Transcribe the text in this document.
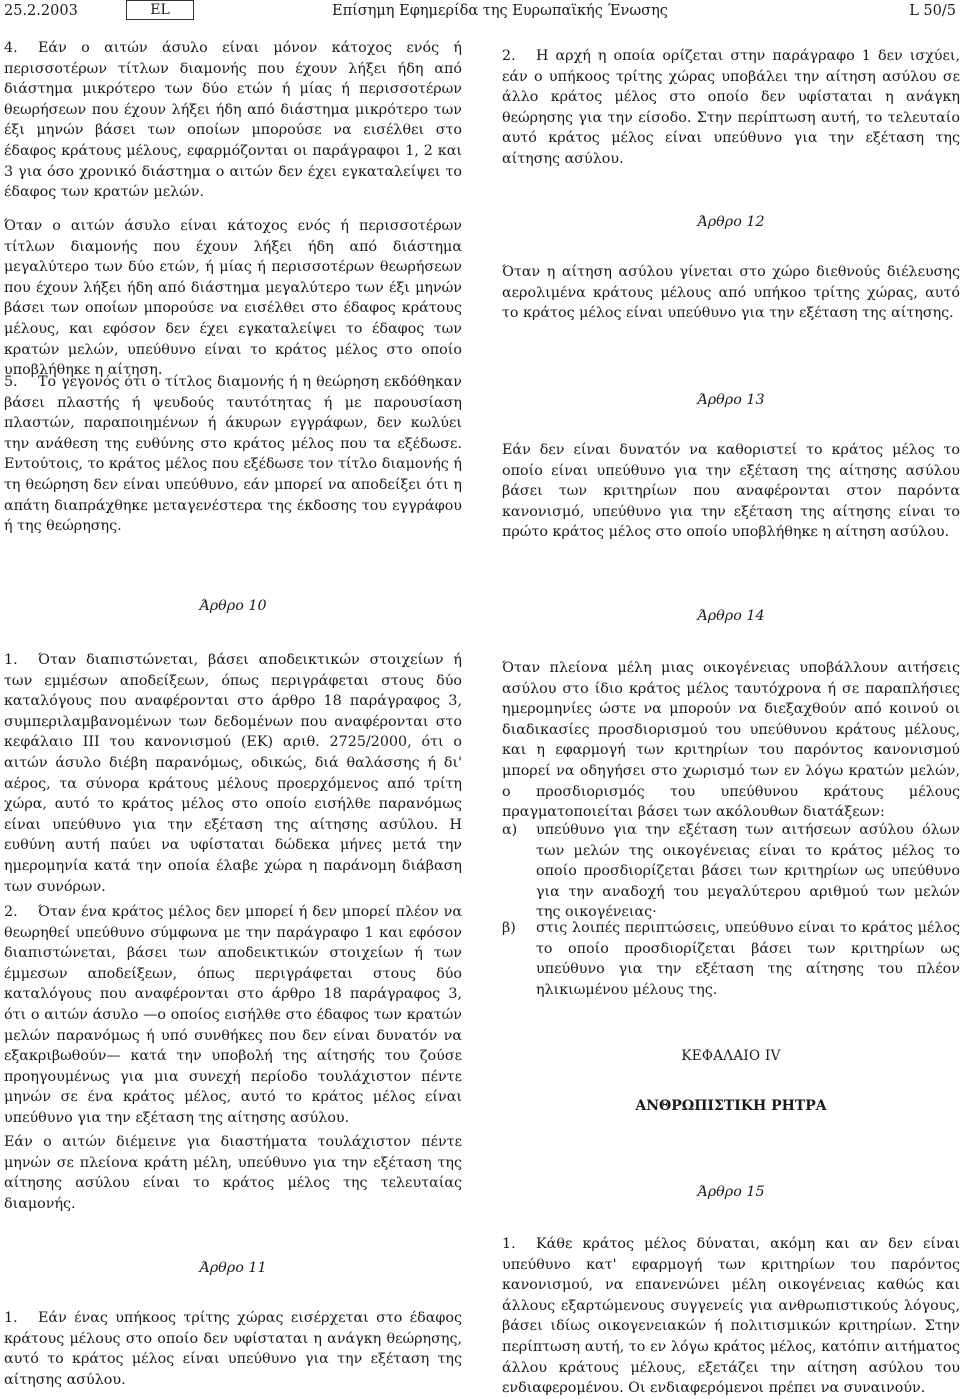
25.2.2003	EL	Επίσημη Εφημερίδα της Ευρωπαϊκής Ένωσης	L 50/5

4. Εάν ο αιτών άσυλο είναι μόνον κάτοχος ενός ή περισσοτέρων τίτλων διαμονής που έχουν λήξει ήδη από διάστημα μικρότερο των δύο ετών ή μίας ή περισσοτέρων θεωρήσεων που έχουν λήξει ήδη από διάστημα μικρότερο των έξι μηνών βάσει των οποίων μπορούσε να εισέλθει στο έδαφος κράτους μέλους, εφαρμόζονται οι παράγραφοι 1, 2 και 3 για όσο χρονικό διάστημα ο αιτών δεν έχει εγκαταλείψει το έδαφος των κρατών μελών.

Όταν ο αιτών άσυλο είναι κάτοχος ενός ή περισσοτέρων τίτλων διαμονής που έχουν λήξει ήδη από διάστημα μεγαλύτερο των δύο ετών, ή μίας ή περισσοτέρων θεωρήσεων που έχουν λήξει ήδη από διάστημα μεγαλύτερο των έξι μηνών βάσει των οποίων μπορούσε να εισέλθει στο έδαφος κράτους μέλους, και εφόσον δεν έχει εγκαταλείψει το έδαφος των κρατών μελών, υπεύθυνο είναι το κράτος μέλος στο οποίο υποβλήθηκε η αίτηση.

5. Το γεγονός ότι ο τίτλος διαμονής ή η θεώρηση εκδόθηκαν βάσει πλαστής ή ψευδούς ταυτότητας ή με παρουσίαση πλαστών, παραποιημένων ή άκυρων εγγράφων, δεν κωλύει την ανάθεση της ευθύνης στο κράτος μέλος που τα εξέδωσε. Εντούτοις, το κράτος μέλος που εξέδωσε τον τίτλο διαμονής ή τη θεώρηση δεν είναι υπεύθυνο, εάν μπορεί να αποδείξει ότι η απάτη διαπράχθηκε μεταγενέστερα της έκδοσης του εγγράφου ή της θεώρησης.

Άρθρο 10

1. Όταν διαπιστώνεται, βάσει αποδεικτικών στοιχείων ή των εμμέσων αποδείξεων, όπως περιγράφεται στους δύο καταλόγους που αναφέρονται στο άρθρο 18 παράγραφος 3, συμπεριλαμβανομένων των δεδομένων που αναφέρονται στο κεφάλαιο III του κανονισμού (ΕΚ) αριθ. 2725/2000, ότι ο αιτών άσυλο διέβη παρανόμως, οδικώς, διά θαλάσσης ή δι' αέρος, τα σύνορα κράτους μέλους προερχόμενος από τρίτη χώρα, αυτό το κράτος μέλος στο οποίο εισήλθε παρανόμως είναι υπεύθυνο για την εξέταση της αίτησης ασύλου. Η ευθύνη αυτή παύει να υφίσταται δώδεκα μήνες μετά την ημερομηνία κατά την οποία έλαβε χώρα η παράνομη διάβαση των συνόρων.

2. Όταν ένα κράτος μέλος δεν μπορεί ή δεν μπορεί πλέον να θεωρηθεί υπεύθυνο σύμφωνα με την παράγραφο 1 και εφόσον διαπιστώνεται, βάσει των αποδεικτικών στοιχείων ή των έμμεσων αποδείξεων, όπως περιγράφεται στους δύο καταλόγους που αναφέρονται στο άρθρο 18 παράγραφος 3, ότι ο αιτών άσυλο —ο οποίος εισήλθε στο έδαφος των κρατών μελών παρανόμως ή υπό συνθήκες που δεν είναι δυνατόν να εξακριβωθούν— κατά την υποβολή της αίτησής του ζούσε προηγουμένως για μια συνεχή περίοδο τουλάχιστον πέντε μηνών σε ένα κράτος μέλος, αυτό το κράτος μέλος είναι υπεύθυνο για την εξέταση της αίτησης ασύλου.

Εάν ο αιτών διέμεινε για διαστήματα τουλάχιστον πέντε μηνών σε πλείονα κράτη μέλη, υπεύθυνο για την εξέταση της αίτησης ασύλου είναι το κράτος μέλος της τελευταίας διαμονής.

Άρθρο 11

1. Εάν ένας υπήκοος τρίτης χώρας εισέρχεται στο έδαφος κράτους μέλους στο οποίο δεν υφίσταται η ανάγκη θεώρησης, αυτό το κράτος μέλος είναι υπεύθυνο για την εξέταση της αίτησης ασύλου.

2. Η αρχή η οποία ορίζεται στην παράγραφο 1 δεν ισχύει, εάν ο υπήκοος τρίτης χώρας υποβάλει την αίτηση ασύλου σε άλλο κράτος μέλος στο οποίο δεν υφίσταται η ανάγκη θεώρησης για την είσοδο. Στην περίπτωση αυτή, το τελευταίο αυτό κράτος μέλος είναι υπεύθυνο για την εξέταση της αίτησης ασύλου.

Άρθρο 12

Όταν η αίτηση ασύλου γίνεται στο χώρο διεθνούς διέλευσης αερολιμένα κράτους μέλους από υπήκοο τρίτης χώρας, αυτό το κράτος μέλος είναι υπεύθυνο για την εξέταση της αίτησης.

Άρθρο 13

Εάν δεν είναι δυνατόν να καθοριστεί το κράτος μέλος το οποίο είναι υπεύθυνο για την εξέταση της αίτησης ασύλου βάσει των κριτηρίων που αναφέρονται στον παρόντα κανονισμό, υπεύθυνο για την εξέταση της αίτησης είναι το πρώτο κράτος μέλος στο οποίο υποβλήθηκε η αίτηση ασύλου.

Άρθρο 14

Όταν πλείονα μέλη μιας οικογένειας υποβάλλουν αιτήσεις ασύλου στο ίδιο κράτος μέλος ταυτόχρονα ή σε παραπλήσιες ημερομηνίες ώστε να μπορούν να διεξαχθούν από κοινού οι διαδικασίες προσδιορισμού του υπεύθυνου κράτους μέλους, και η εφαρμογή των κριτηρίων του παρόντος κανονισμού μπορεί να οδηγήσει στο χωρισμό των εν λόγω κρατών μελών, ο προσδιορισμός του υπεύθυνου κράτους μέλους πραγματοποιείται βάσει των ακόλουθων διατάξεων:

α) υπεύθυνο για την εξέταση των αιτήσεων ασύλου όλων των μελών της οικογένειας είναι το κράτος μέλος το οποίο προσδιορίζεται βάσει των κριτηρίων ως υπεύθυνο για την αναδοχή του μεγαλύτερου αριθμού των μελών της οικογένειας·
β) στις λοιπές περιπτώσεις, υπεύθυνο είναι το κράτος μέλος το οποίο προσδιορίζεται βάσει των κριτηρίων ως υπεύθυνο για την εξέταση της αίτησης του πλέον ηλικιωμένου μέλους της.

ΚΕΦΑΛΑΙΟ IV

ΑΝΘΡΩΠΙΣΤΙΚΗ ΡΗΤΡΑ

Άρθρο 15

1. Κάθε κράτος μέλος δύναται, ακόμη και αν δεν είναι υπεύθυνο κατ' εφαρμογή των κριτηρίων του παρόντος κανονισμού, να επανενώνει μέλη οικογένειας καθώς και άλλους εξαρτώμενους συγγενείς για ανθρωπιστικούς λόγους, βάσει ιδίως οικογενειακών ή πολιτισμικών κριτηρίων. Στην περίπτωση αυτή, το εν λόγω κράτος μέλος, κατόπιν αιτήματος άλλου κράτους μέλους, εξετάζει την αίτηση ασύλου του ενδιαφερομένου. Οι ενδιαφερόμενοι πρέπει να συναινούν.
